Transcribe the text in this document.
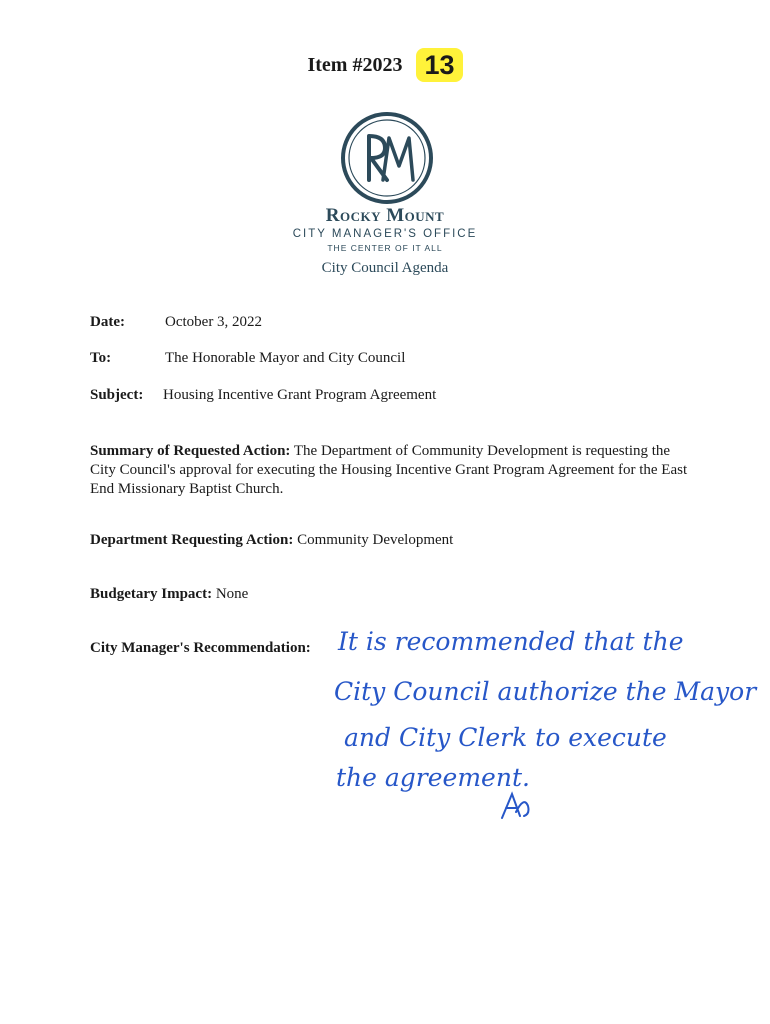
Item #2023 13
Rocky Mount
CITY MANAGER'S OFFICE
THE CENTER OF IT ALL
City Council Agenda
Date:	October 3, 2022
To:	The Honorable Mayor and City Council
Subject: Housing Incentive Grant Program Agreement
Summary of Requested Action: The Department of Community Development is requesting the City Council's approval for executing the Housing Incentive Grant Program Agreement for the East End Missionary Baptist Church.
Department Requesting Action: Community Development
Budgetary Impact: None
City Manager's Recommendation: It is recommended that the
City Council authorize the Mayor
and City Clerk to execute
the agreement.
